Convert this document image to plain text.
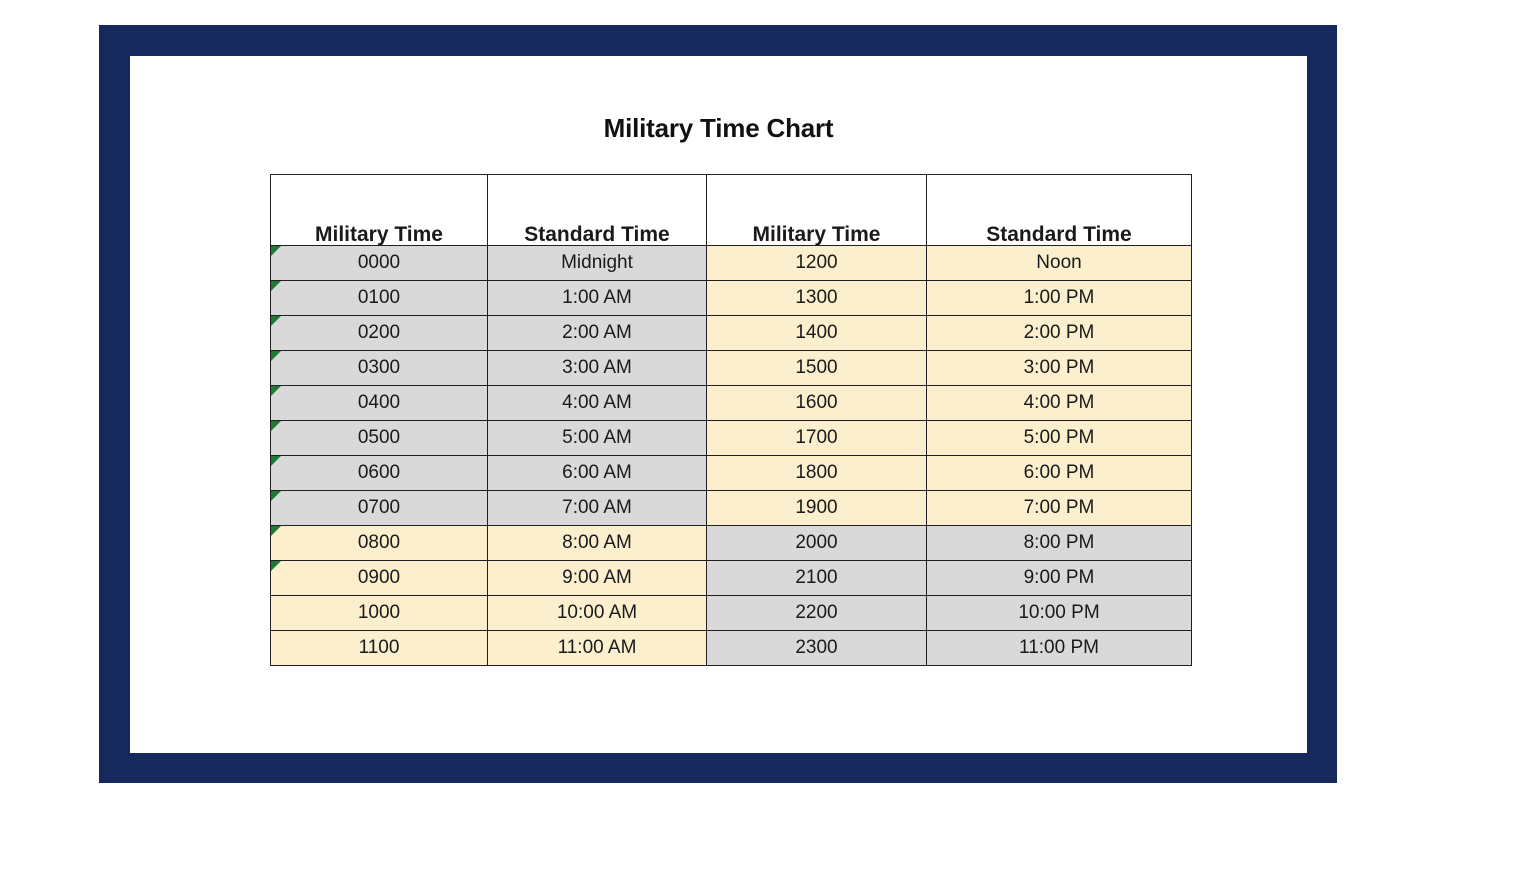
Military Time Chart
Military Time	Standard Time	Military Time	Standard Time

0000	Midnight	1200	Noon

0100	1:00 AM	1300	1:00 PM

0200	2:00 AM	1400	2:00 PM

0300	3:00 AM	1500	3:00 PM

0400	4:00 AM	1600	4:00 PM

0500	5:00 AM	1700	5:00 PM

0600	6:00 AM	1800	6:00 PM

0700	7:00 AM	1900	7:00 PM

0800	8:00 AM	2000	8:00 PM

0900	9:00 AM	2100	9:00 PM
1000	10:00 AM	2200	10:00 PM
1100	11:00 AM	2300	11:00 PM
